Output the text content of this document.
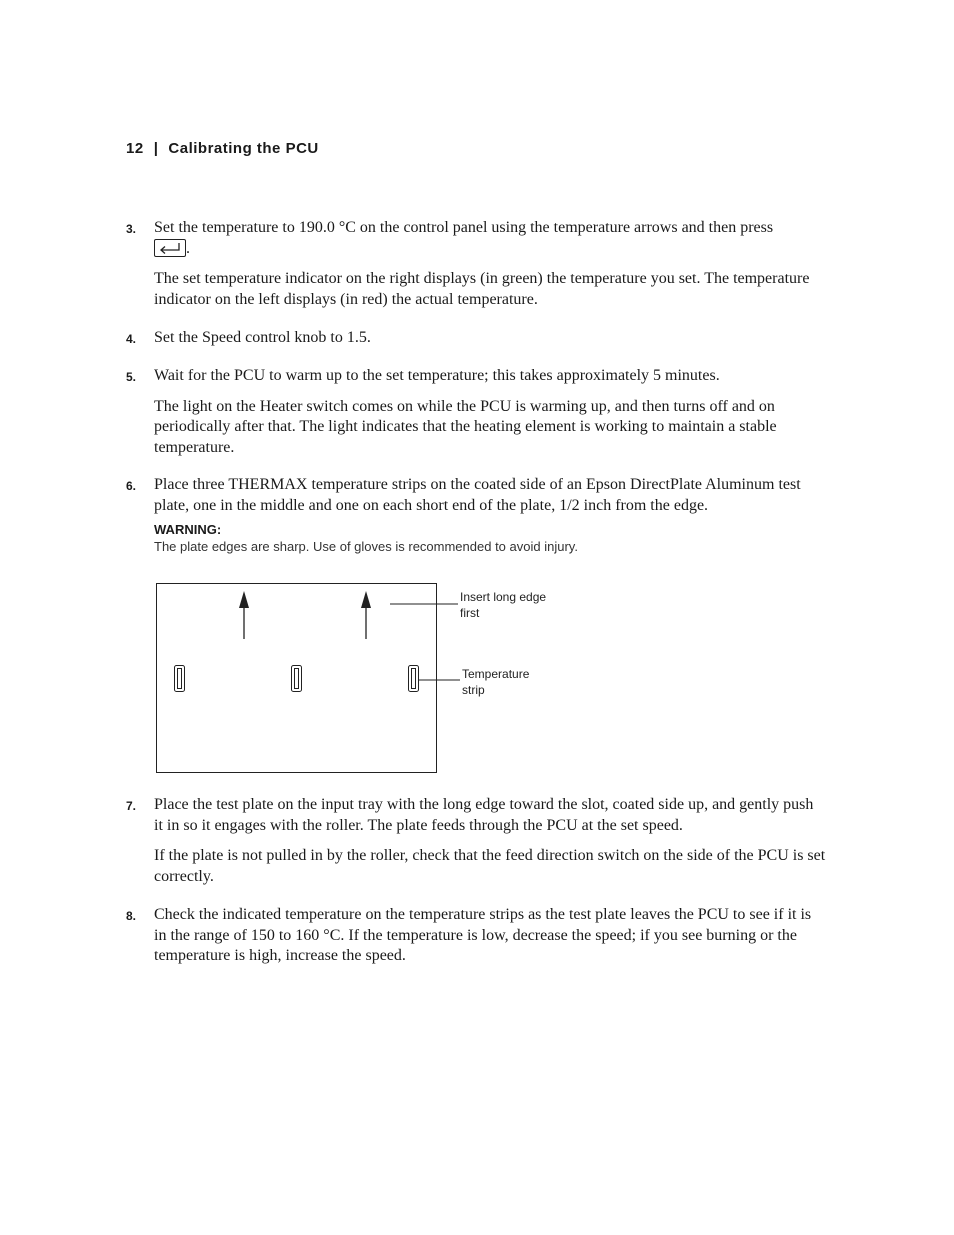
12 | Calibrating the PCU
3. Set the temperature to 190.0 °C on the control panel using the temperature arrows and then press

.

The set temperature indicator on the right displays (in green) the temperature you set. The temperature indicator on the left displays (in red) the actual temperature.

4. Set the Speed control knob to 1.5.

5. Wait for the PCU to warm up to the set temperature; this takes approximately 5 minutes.

The light on the Heater switch comes on while the PCU is warming up, and then turns off and on periodically after that. The light indicates that the heating element is working to maintain a stable temperature.

6. Place three THERMAX temperature strips on the coated side of an Epson DirectPlate Aluminum test plate, one in the middle and one on each short end of the plate, 1/2 inch from the edge.

WARNING:
The plate edges are sharp. Use of gloves is recommended to avoid injury.
Insert long edge
first
Temperature
strip
7. Place the test plate on the input tray with the long edge toward the slot, coated side up, and gently push it in so it engages with the roller. The plate feeds through the PCU at the set speed.

If the plate is not pulled in by the roller, check that the feed direction switch on the side of the PCU is set correctly.

8. Check the indicated temperature on the temperature strips as the test plate leaves the PCU to see if it is in the range of 150 to 160 °C. If the temperature is low, decrease the speed; if you see burning or the temperature is high, increase the speed.
